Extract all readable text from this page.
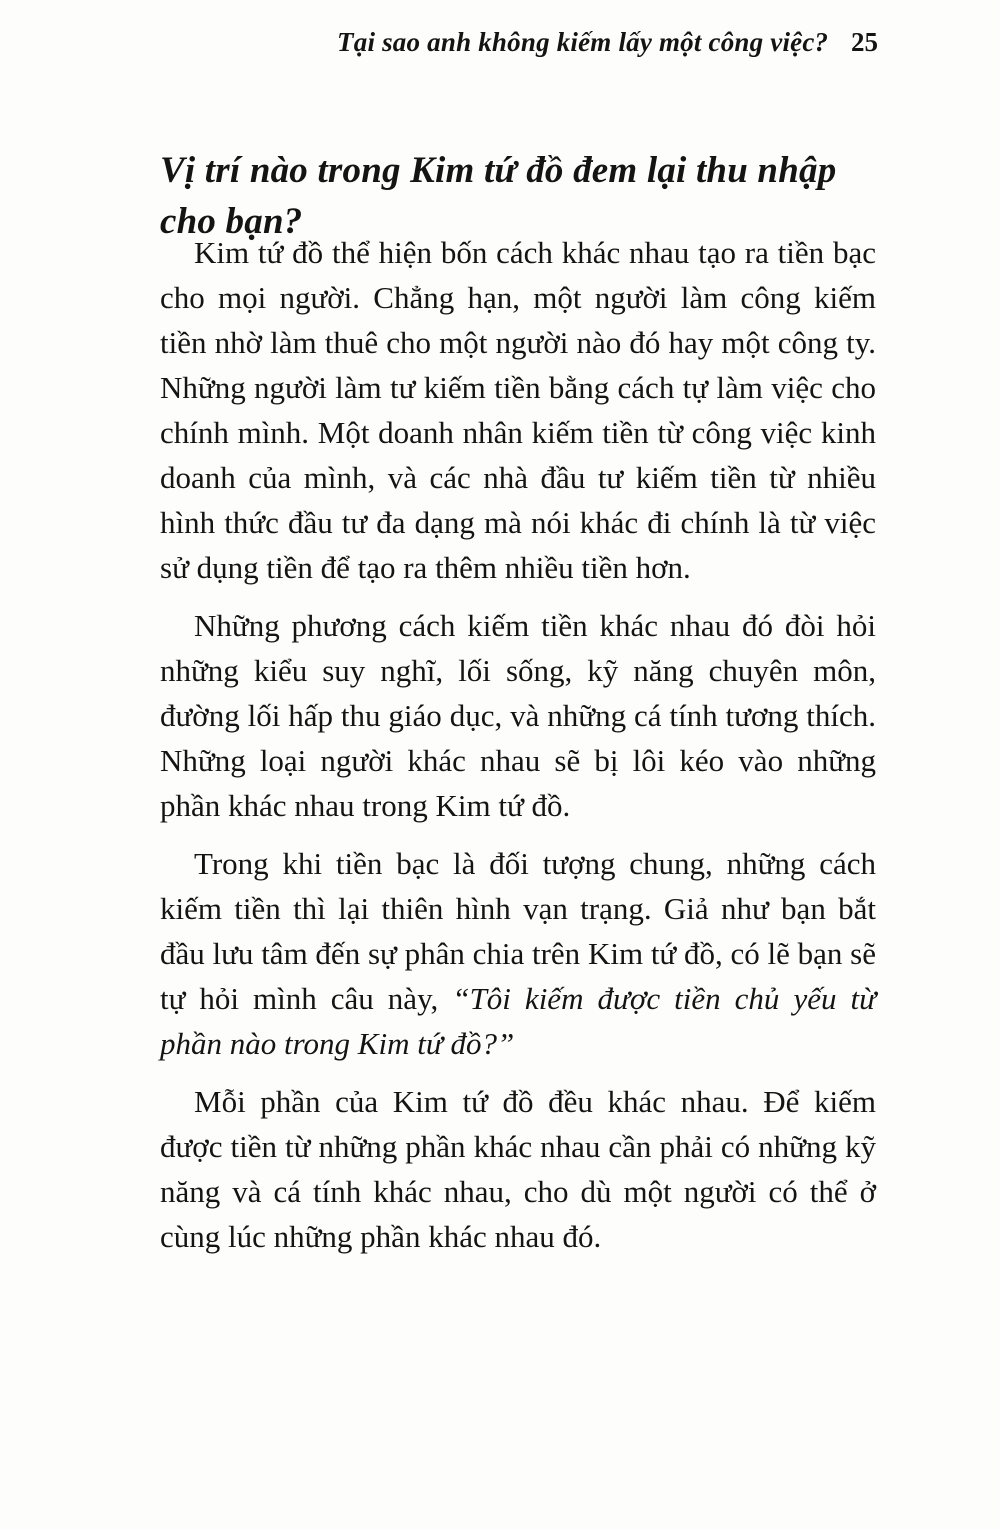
Tại sao anh không kiếm lấy một công việc? 25
Vị trí nào trong Kim tứ đồ đem lại thu nhập cho bạn?

Kim tứ đồ thể hiện bốn cách khác nhau tạo ra tiền bạc cho mọi người. Chẳng hạn, một người làm công kiếm tiền nhờ làm thuê cho một người nào đó hay một công ty. Những người làm tư kiếm tiền bằng cách tự làm việc cho chính mình. Một doanh nhân kiếm tiền từ công việc kinh doanh của mình, và các nhà đầu tư kiếm tiền từ nhiều hình thức đầu tư đa dạng mà nói khác đi chính là từ việc sử dụng tiền để tạo ra thêm nhiều tiền hơn.

Những phương cách kiếm tiền khác nhau đó đòi hỏi những kiểu suy nghĩ, lối sống, kỹ năng chuyên môn, đường lối hấp thu giáo dục, và những cá tính tương thích. Những loại người khác nhau sẽ bị lôi kéo vào những phần khác nhau trong Kim tứ đồ.

Trong khi tiền bạc là đối tượng chung, những cách kiếm tiền thì lại thiên hình vạn trạng. Giả như bạn bắt đầu lưu tâm đến sự phân chia trên Kim tứ đồ, có lẽ bạn sẽ tự hỏi mình câu này, “Tôi kiếm được tiền chủ yếu từ phần nào trong Kim tứ đồ?”

Mỗi phần của Kim tứ đồ đều khác nhau. Để kiếm được tiền từ những phần khác nhau cần phải có những kỹ năng và cá tính khác nhau, cho dù một người có thể ở cùng lúc những phần khác nhau đó.
